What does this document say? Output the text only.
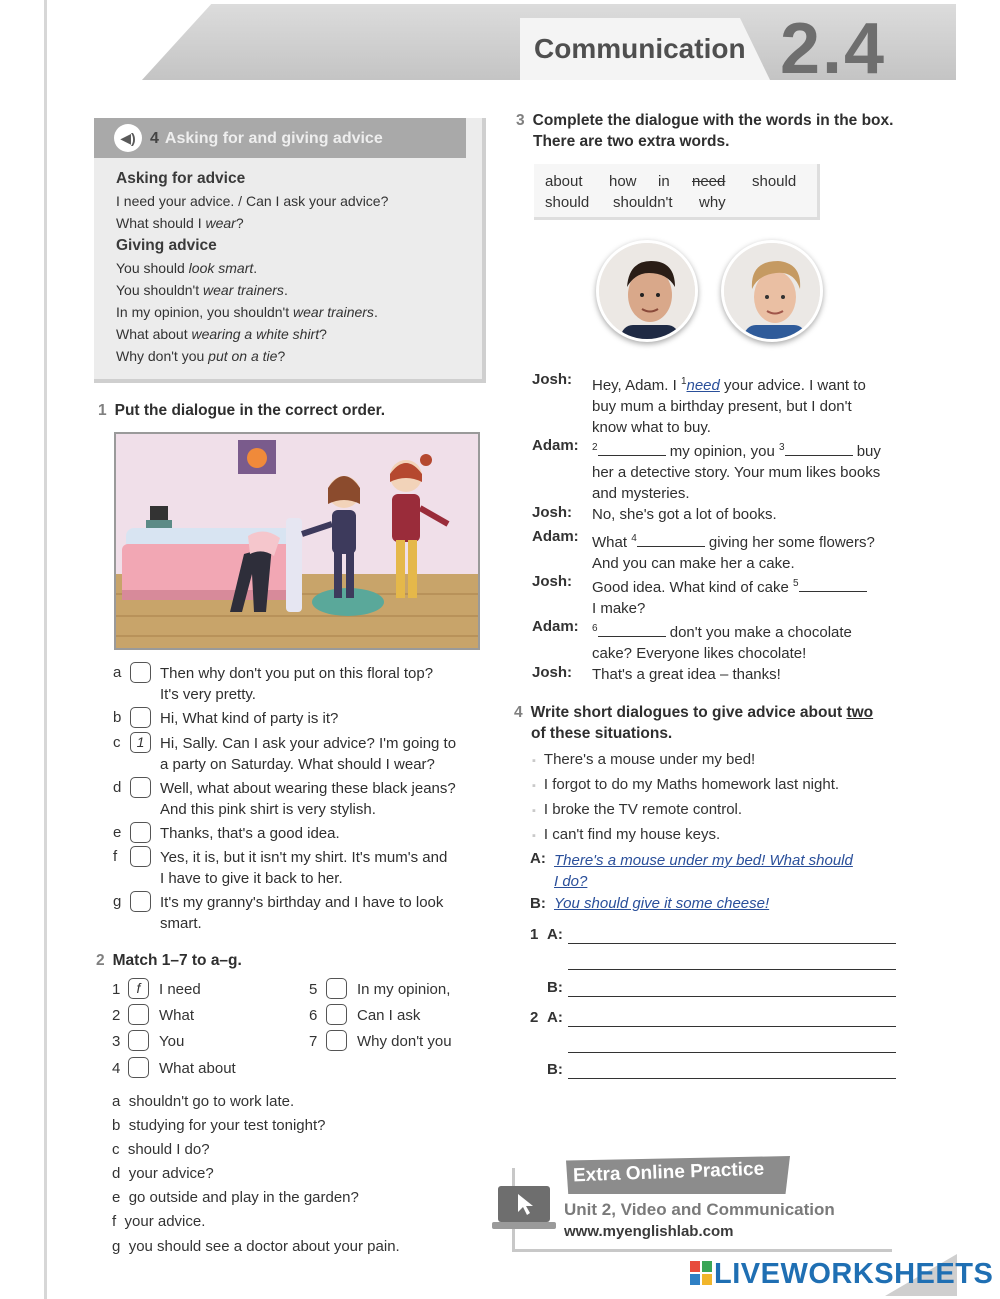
Communication 2.4
◀) 4 Asking for and giving advice
Asking for advice
I need your advice. / Can I ask your advice?
What should I wear?
Giving advice
You should look smart.
You shouldn't wear trainers.
In my opinion, you shouldn't wear trainers.
What about wearing a white shirt?
Why don't you put on a tie?
1 Put the dialogue in the correct order.
a	Then why don't you put on this floral top?
It's very pretty.
b	Hi, What kind of party is it?
c	1	Hi, Sally. Can I ask your advice? I'm going to
a party on Saturday. What should I wear?
d	Well, what about wearing these black jeans?
And this pink shirt is very stylish.
e	Thanks, that's a good idea.
f	Yes, it is, but it isn't my shirt. It's mum's and
I have to give it back to her.
g	It's my granny's birthday and I have to look
smart.
2 Match 1–7 to a–g.
1	f	I need
2	What
3	You
4	What about
5	In my opinion,
6	Can I ask
7	Why don't you
a shouldn't go to work late.
b studying for your test tonight?
c should I do?
d your advice?
e go outside and play in the garden?
f your advice.
g you should see a doctor about your pain.
3 Complete the dialogue with the words in the box.
There are two extra words.
about how in need should
should shouldn't why
Josh: Hey, Adam. I $^1$need your advice. I want to
buy mum a birthday present, but I don't
know what to buy.
Adam: $^2$	my opinion, you $^3$	buy
her a detective story. Your mum likes books
and mysteries.
Josh: No, she's got a lot of books.
Adam: What $^4$	giving her some flowers?
And you can make her a cake.
Josh: Good idea. What kind of cake $^5$
I make?
Adam: $^6$	don't you make a chocolate
cake? Everyone likes chocolate!
Josh: That's a great idea – thanks!
4 Write short dialogues to give advice about two
of these situations.
▪ There's a mouse under my bed!
▪ I forgot to do my Maths homework last night.
▪ I broke the TV remote control.
▪ I can't find my house keys.
A: There's a mouse under my bed! What should
I do?
B: You should give it some cheese!
1 A:
B:
2 A:
B:
Extra Online Practice
Unit 2, Video and Communication
www.myenglishlab.com
LIVEWORKSHEETS
